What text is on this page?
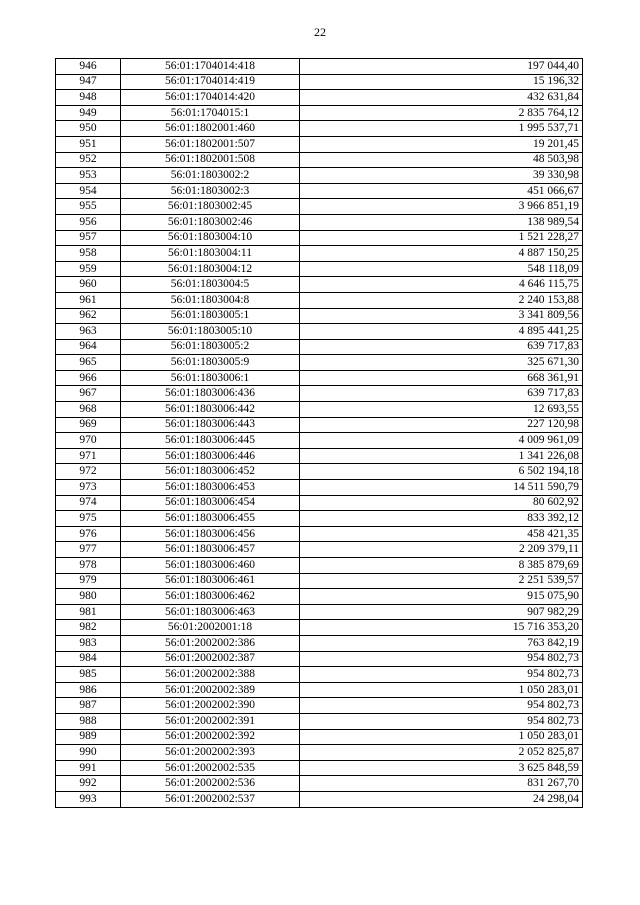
22
946	56:01:1704014:418	197 044,40
947	56:01:1704014:419	15 196,32
948	56:01:1704014:420	432 631,84
949	56:01:1704015:1	2 835 764,12
950	56:01:1802001:460	1 995 537,71
951	56:01:1802001:507	19 201,45
952	56:01:1802001:508	48 503,98
953	56:01:1803002:2	39 330,98
954	56:01:1803002:3	451 066,67
955	56:01:1803002:45	3 966 851,19
956	56:01:1803002:46	138 989,54
957	56:01:1803004:10	1 521 228,27
958	56:01:1803004:11	4 887 150,25
959	56:01:1803004:12	548 118,09
960	56:01:1803004:5	4 646 115,75
961	56:01:1803004:8	2 240 153,88
962	56:01:1803005:1	3 341 809,56
963	56:01:1803005:10	4 895 441,25
964	56:01:1803005:2	639 717,83
965	56:01:1803005:9	325 671,30
966	56:01:1803006:1	668 361,91
967	56:01:1803006:436	639 717,83
968	56:01:1803006:442	12 693,55
969	56:01:1803006:443	227 120,98
970	56:01:1803006:445	4 009 961,09
971	56:01:1803006:446	1 341 226,08
972	56:01:1803006:452	6 502 194,18
973	56:01:1803006:453	14 511 590,79
974	56:01:1803006:454	80 602,92
975	56:01:1803006:455	833 392,12
976	56:01:1803006:456	458 421,35
977	56:01:1803006:457	2 209 379,11
978	56:01:1803006:460	8 385 879,69
979	56:01:1803006:461	2 251 539,57
980	56:01:1803006:462	915 075,90
981	56:01:1803006:463	907 982,29
982	56:01:2002001:18	15 716 353,20
983	56:01:2002002:386	763 842,19
984	56:01:2002002:387	954 802,73
985	56:01:2002002:388	954 802,73
986	56:01:2002002:389	1 050 283,01
987	56:01:2002002:390	954 802,73
988	56:01:2002002:391	954 802,73
989	56:01:2002002:392	1 050 283,01
990	56:01:2002002:393	2 052 825,87
991	56:01:2002002:535	3 625 848,59
992	56:01:2002002:536	831 267,70
993	56:01:2002002:537	24 298,04
